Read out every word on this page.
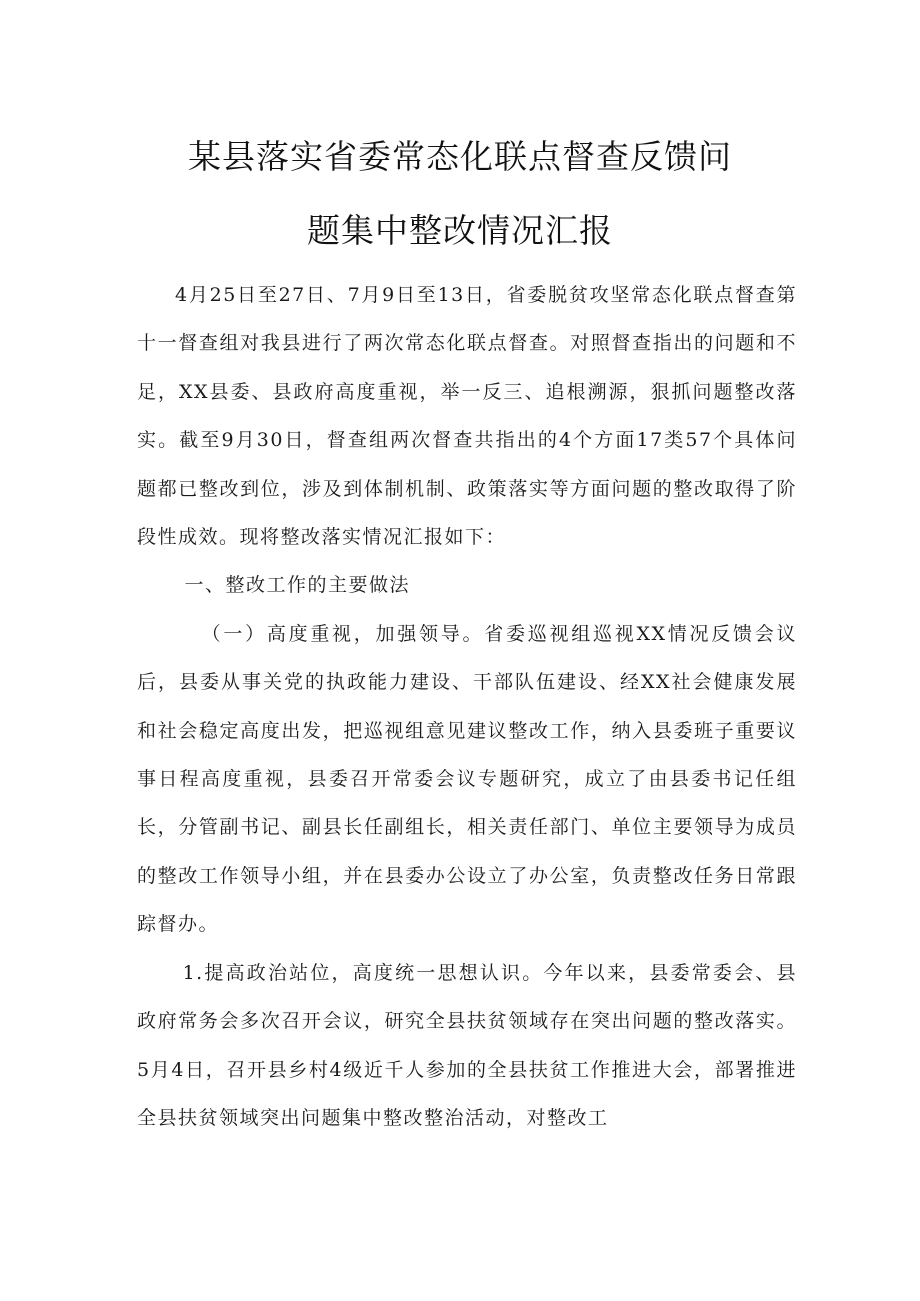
某县落实省委常态化联点督查反馈问
题集中整改情况汇报

4月25日至27日、7月9日至13日，省委脱贫攻坚常态化联点督查第十一督查组对我县进行了两次常态化联点督查。对照督查指出的问题和不足，XX县委、县政府高度重视，举一反三、追根溯源，狠抓问题整改落实。截至9月30日，督查组两次督查共指出的4个方面17类57个具体问题都已整改到位，涉及到体制机制、政策落实等方面问题的整改取得了阶段性成效。现将整改落实情况汇报如下：

一、整改工作的主要做法

（一）高度重视，加强领导。省委巡视组巡视XX情况反馈会议后，县委从事关党的执政能力建设、干部队伍建设、经XX社会健康发展和社会稳定高度出发，把巡视组意见建议整改工作，纳入县委班子重要议事日程高度重视，县委召开常委会议专题研究，成立了由县委书记任组长，分管副书记、副县长任副组长，相关责任部门、单位主要领导为成员的整改工作领导小组，并在县委办公设立了办公室，负责整改任务日常跟踪督办。

1.提高政治站位，高度统一思想认识。今年以来，县委常委会、县政府常务会多次召开会议，研究全县扶贫领域存在突出问题的整改落实。5月4日，召开县乡村4级近千人参加的全县扶贫工作推进大会，部署推进全县扶贫领域突出问题集中整改整治活动，对整改工
